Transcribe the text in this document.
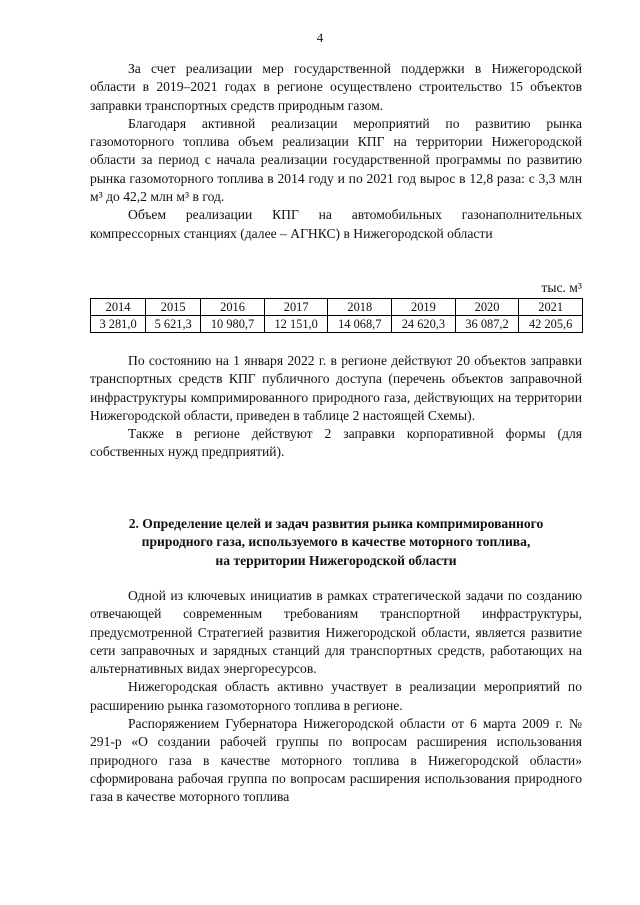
4

За счет реализации мер государственной поддержки в Нижегородской области в 2019–2021 годах в регионе осуществлено строительство 15 объектов заправки транспортных средств природным газом.

Благодаря активной реализации мероприятий по развитию рынка газомоторного топлива объем реализации КПГ на территории Нижегородской области за период с начала реализации государственной программы по развитию рынка газомоторного топлива в 2014 году и по 2021 год вырос в 12,8 раза: с 3,3 млн м³ до 42,2 млн м³ в год.

Объем реализации КПГ на автомобильных газонаполнительных компрессорных станциях (далее – АГНКС) в Нижегородской области

тыс. м³
2014	2015	2016	2017	2018	2019	2020	2021
3 281,0	5 621,3	10 980,7	12 151,0	14 068,7	24 620,3	36 087,2	42 205,6

По состоянию на 1 января 2022 г. в регионе действуют 20 объектов заправки транспортных средств КПГ публичного доступа (перечень объектов заправочной инфраструктуры компримированного природного газа, действующих на территории Нижегородской области, приведен в таблице 2 настоящей Схемы).

Также в регионе действуют 2 заправки корпоративной формы (для собственных нужд предприятий).

2. Определение целей и задач развития рынка компримированного
природного газа, используемого в качестве моторного топлива,
на территории Нижегородской области

Одной из ключевых инициатив в рамках стратегической задачи по созданию отвечающей современным требованиям транспортной инфраструктуры, предусмотренной Стратегией развития Нижегородской области, является развитие сети заправочных и зарядных станций для транспортных средств, работающих на альтернативных видах энергоресурсов.

Нижегородская область активно участвует в реализации мероприятий по расширению рынка газомоторного топлива в регионе.

Распоряжением Губернатора Нижегородской области от 6 марта 2009 г. № 291-р «О создании рабочей группы по вопросам расширения использования природного газа в качестве моторного топлива в Нижегородской области» сформирована рабочая группа по вопросам расширения использования природного газа в качестве моторного топлива
